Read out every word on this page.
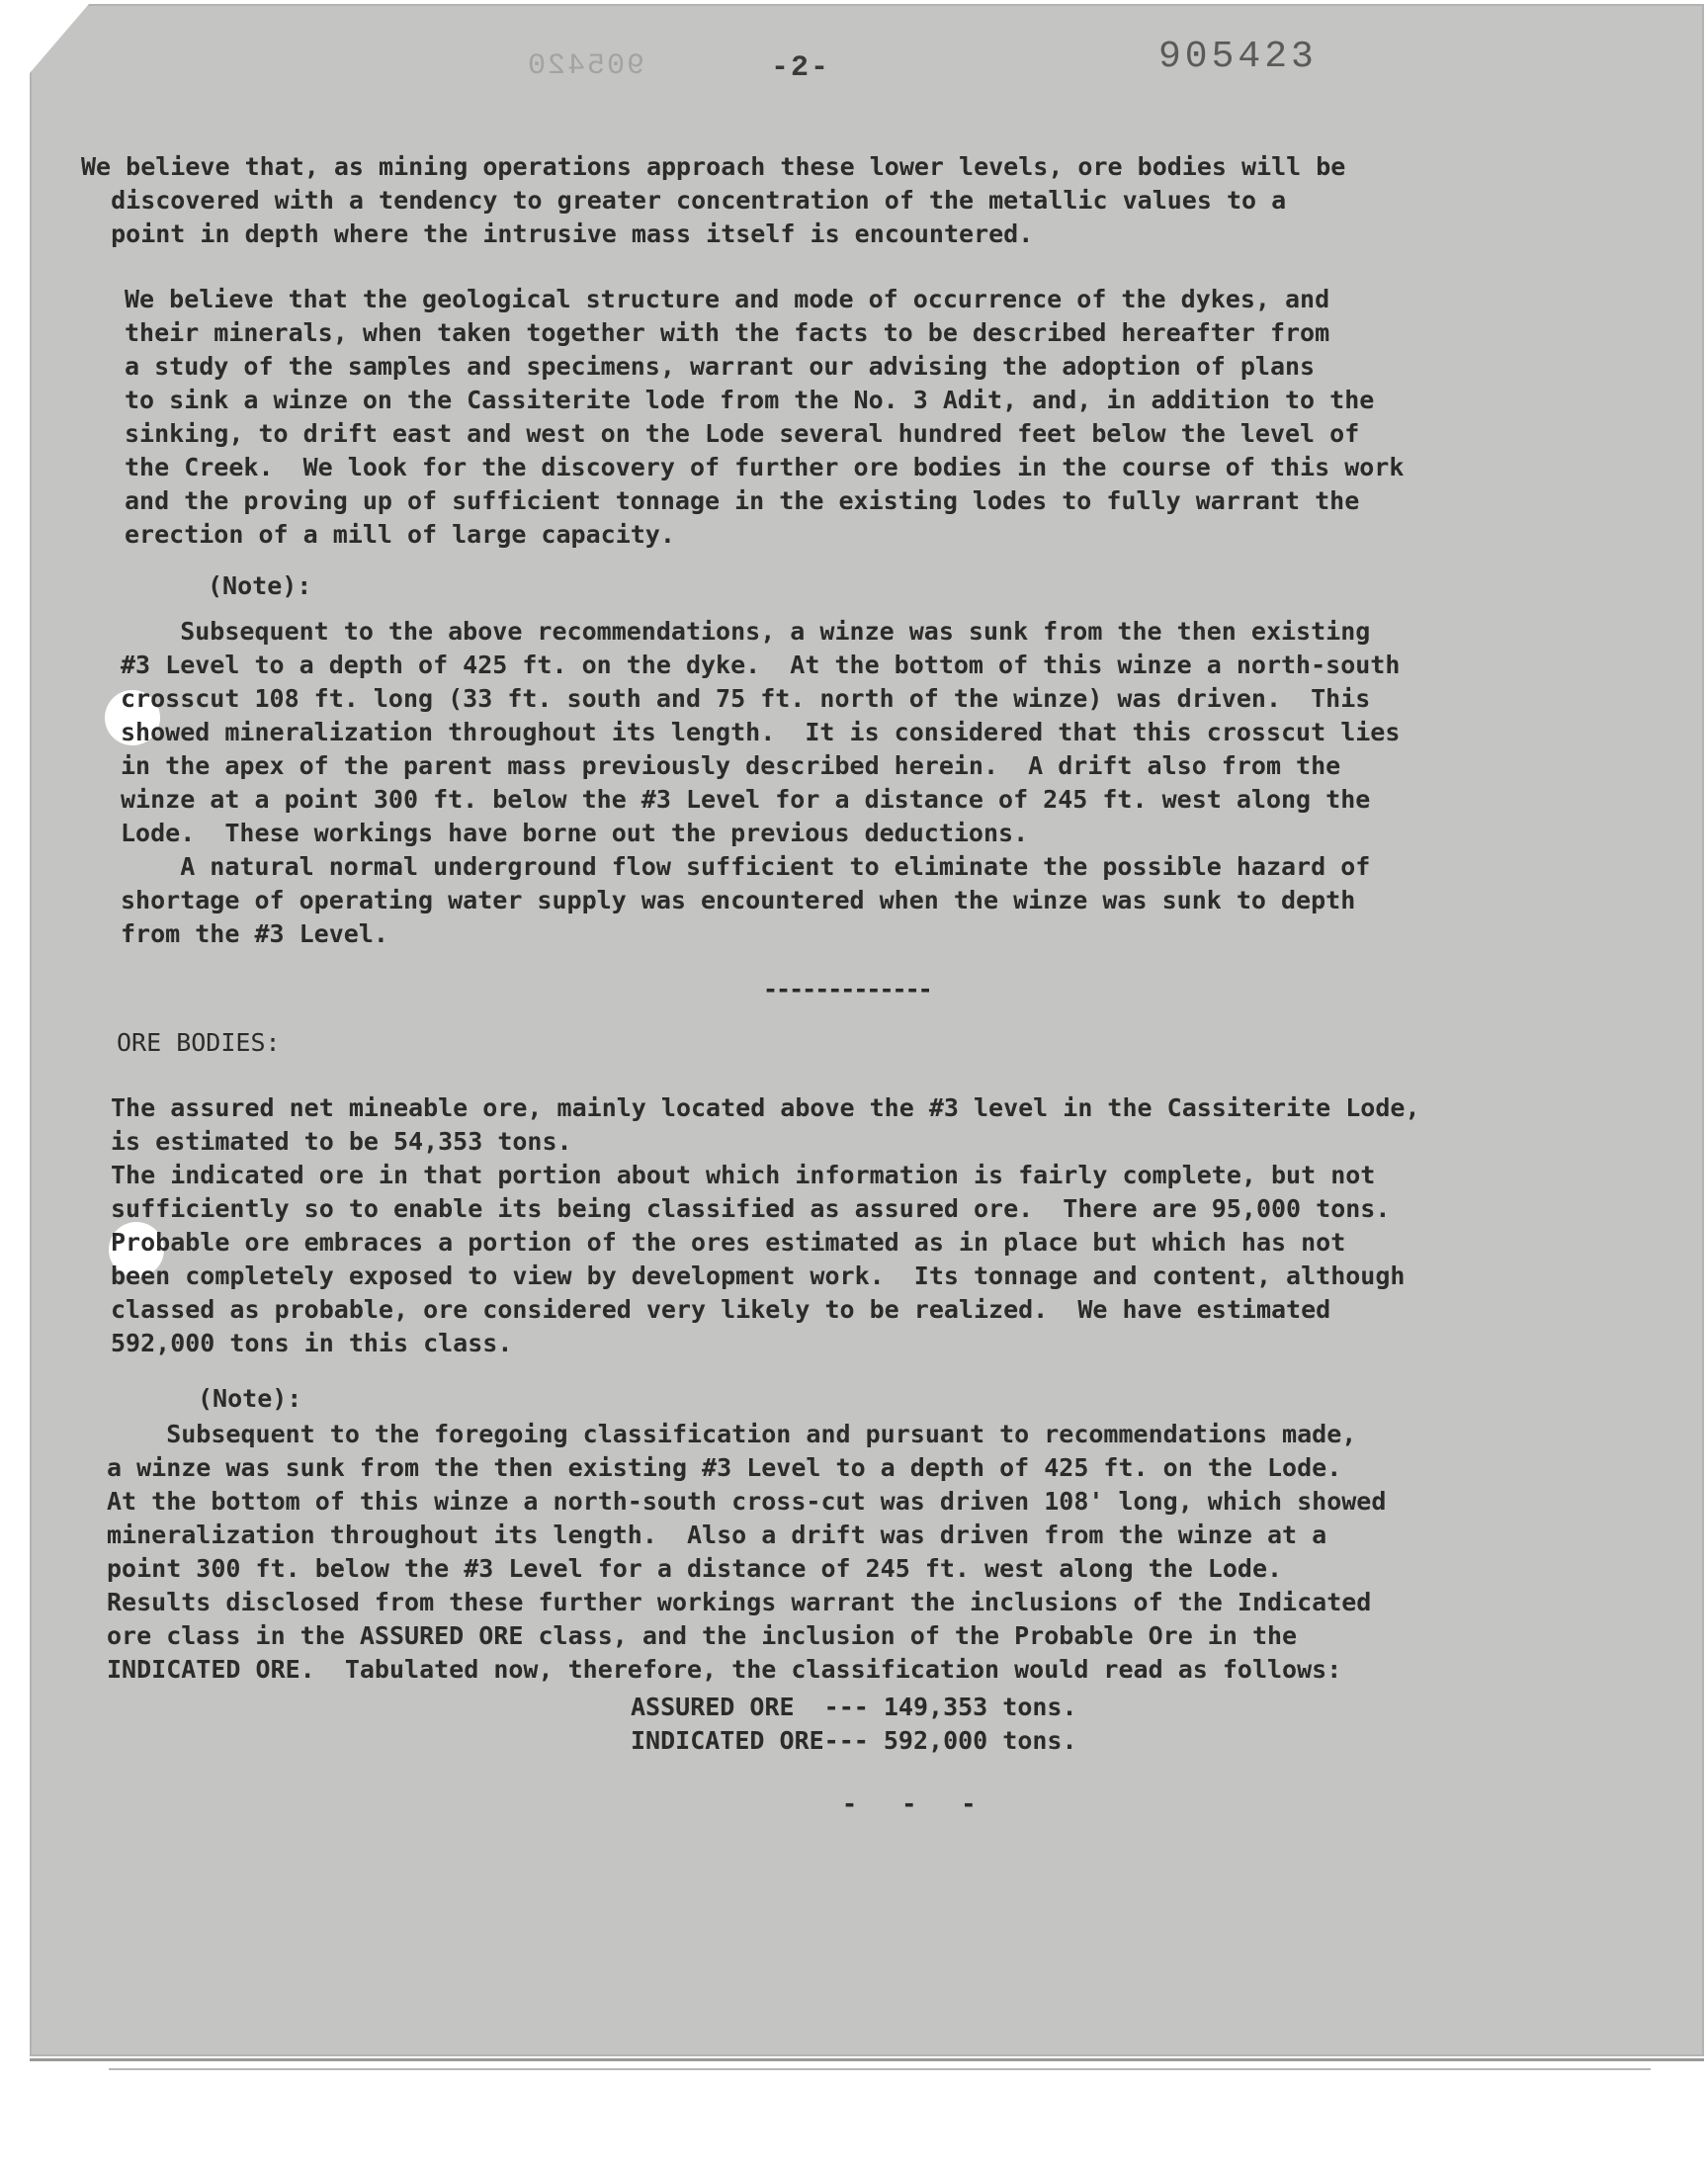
905420	-2-	905423
We believe that, as mining operations approach these lower levels, ore bodies will be
discovered with a tendency to greater concentration of the metallic values to a
point in depth where the intrusive mass itself is encountered.
We believe that the geological structure and mode of occurrence of the dykes, and
their minerals, when taken together with the facts to be described hereafter from
a study of the samples and specimens, warrant our advising the adoption of plans
to sink a winze on the Cassiterite lode from the No. 3 Adit, and, in addition to the
sinking, to drift east and west on the Lode several hundred feet below the level of
the Creek.  We look for the discovery of further ore bodies in the course of this work
and the proving up of sufficient tonnage in the existing lodes to fully warrant the
erection of a mill of large capacity.
(Note):
Subsequent to the above recommendations, a winze was sunk from the then existing
#3 Level to a depth of 425 ft. on the dyke.  At the bottom of this winze a north-south
crosscut 108 ft. long (33 ft. south and 75 ft. north of the winze) was driven.  This
showed mineralization throughout its length.  It is considered that this crosscut lies
in the apex of the parent mass previously described herein.  A drift also from the
winze at a point 300 ft. below the #3 Level for a distance of 245 ft. west along the
Lode.  These workings have borne out the previous deductions.
A natural normal underground flow sufficient to eliminate the possible hazard of
shortage of operating water supply was encountered when the winze was sunk to depth
from the #3 Level.
-------------
ORE BODIES:
The assured net mineable ore, mainly located above the #3 level in the Cassiterite Lode,
is estimated to be 54,353 tons.
The indicated ore in that portion about which information is fairly complete, but not
sufficiently so to enable its being classified as assured ore.  There are 95,000 tons.
Probable ore embraces a portion of the ores estimated as in place but which has not
been completely exposed to view by development work.  Its tonnage and content, although
classed as probable, ore considered very likely to be realized.  We have estimated
592,000 tons in this class.
(Note):
Subsequent to the foregoing classification and pursuant to recommendations made,
a winze was sunk from the then existing #3 Level to a depth of 425 ft. on the Lode.
At the bottom of this winze a north-south cross-cut was driven 108' long, which showed
mineralization throughout its length.  Also a drift was driven from the winze at a
point 300 ft. below the #3 Level for a distance of 245 ft. west along the Lode.
Results disclosed from these further workings warrant the inclusions of the Indicated
ore class in the ASSURED ORE class, and the inclusion of the Probable Ore in the
INDICATED ORE.  Tabulated now, therefore, the classification would read as follows:
ASSURED ORE  --- 149,353 tons.
INDICATED ORE--- 592,000 tons.
-   -   -
